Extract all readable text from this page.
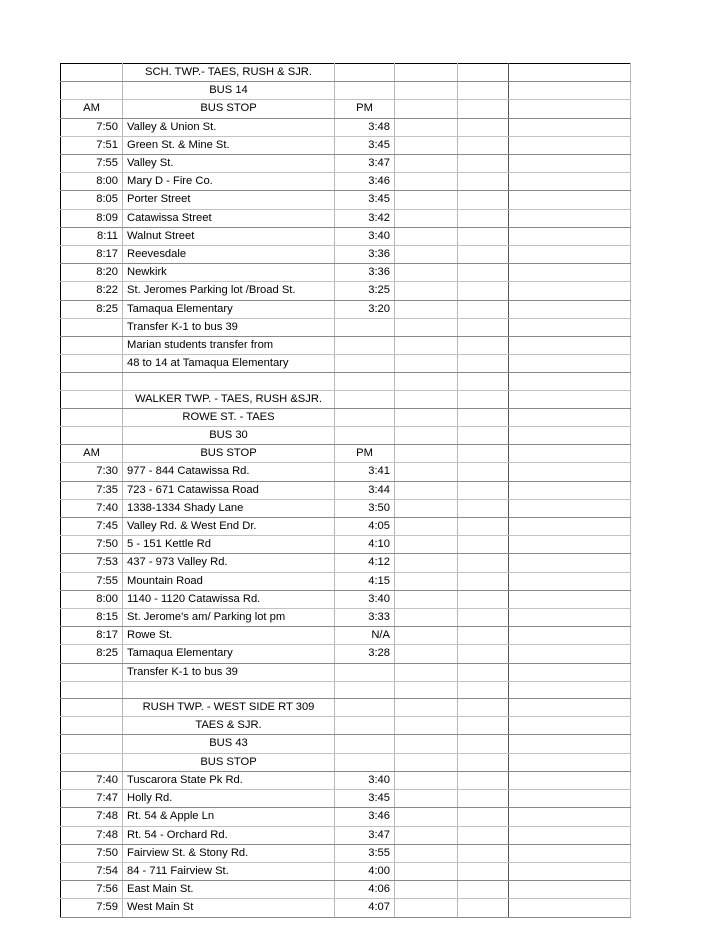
	SCH. TWP.- TAES, RUSH & SJR.				
	BUS 14				
AM	BUS STOP	PM			
7:50	Valley & Union St.	3:48			
7:51	Green St. & Mine St.	3:45			
7:55	Valley St.	3:47			
8:00	Mary D - Fire Co.	3:46			
8:05	Porter Street	3:45			
8:09	Catawissa Street	3:42			
8:11	Walnut Street	3:40			
8:17	Reevesdale	3:36			
8:20	Newkirk	3:36			
8:22	St. Jeromes Parking lot /Broad St.	3:25			
8:25	Tamaqua Elementary	3:20			
	Transfer K-1 to bus 39				
	Marian students transfer from				
	48 to 14 at Tamaqua Elementary				

	WALKER TWP. - TAES, RUSH &SJR.				
	ROWE ST. - TAES				
	BUS 30				
AM	BUS STOP	PM			
7:30	977 - 844 Catawissa Rd.	3:41			
7:35	723 - 671 Catawissa Road	3:44			
7:40	1338-1334 Shady Lane	3:50			
7:45	Valley Rd. & West End Dr.	4:05			
7:50	5 - 151 Kettle Rd	4:10			
7:53	437 - 973 Valley Rd.	4:12			
7:55	Mountain Road	4:15			
8:00	1140 - 1120 Catawissa Rd.	3:40			
8:15	St. Jerome's am/ Parking lot pm	3:33			
8:17	Rowe St.	N/A			
8:25	Tamaqua Elementary	3:28			
	Transfer K-1 to bus 39				

	RUSH TWP. - WEST SIDE RT 309				
	TAES & SJR.				
	BUS 43				
	BUS STOP				
7:40	Tuscarora State Pk Rd.	3:40			
7:47	Holly Rd.	3:45			
7:48	Rt. 54 & Apple Ln	3:46			
7:48	Rt. 54 - Orchard Rd.	3:47			
7:50	Fairview St. & Stony Rd.	3:55			
7:54	84 - 711 Fairview St.	4:00			
7:56	East Main St.	4:06			
7:59	West Main St	4:07			
